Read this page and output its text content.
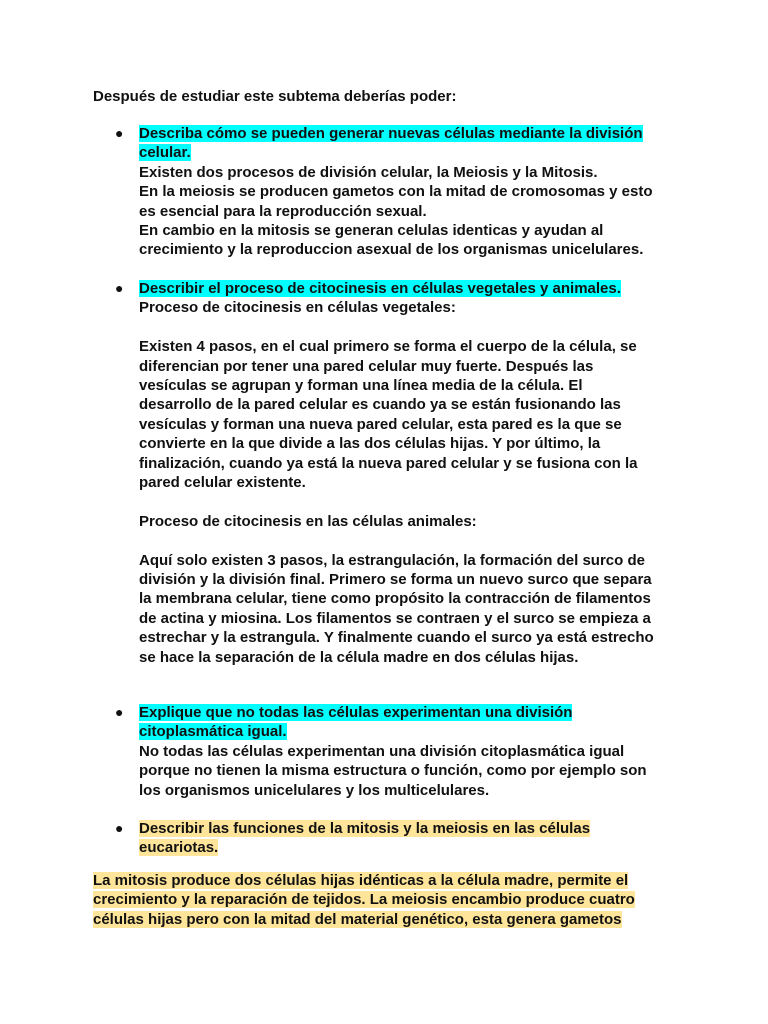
Después de estudiar este subtema deberías poder:

● Describa cómo se pueden generar nuevas células mediante la división
celular.
Existen dos procesos de división celular, la Meiosis y la Mitosis.
En la meiosis se producen gametos con la mitad de cromosomas y esto
es esencial para la reproducción sexual.
En cambio en la mitosis se generan celulas identicas y ayudan al
crecimiento y la reproduccion asexual de los organismas unicelulares.
● Describir el proceso de citocinesis en células vegetales y animales.
Proceso de citocinesis en células vegetales:
Existen 4 pasos, en el cual primero se forma el cuerpo de la célula, se
diferencian por tener una pared celular muy fuerte. Después las
vesículas se agrupan y forman una línea media de la célula. El
desarrollo de la pared celular es cuando ya se están fusionando las
vesículas y forman una nueva pared celular, esta pared es la que se
convierte en la que divide a las dos células hijas. Y por último, la
finalización, cuando ya está la nueva pared celular y se fusiona con la
pared celular existente.
Proceso de citocinesis en las células animales:
Aquí solo existen 3 pasos, la estrangulación, la formación del surco de
división y la división final. Primero se forma un nuevo surco que separa
la membrana celular, tiene como propósito la contracción de filamentos
de actina y miosina. Los filamentos se contraen y el surco se empieza a
estrechar y la estrangula. Y finalmente cuando el surco ya está estrecho
se hace la separación de la célula madre en dos células hijas.
● Explique que no todas las células experimentan una división
citoplasmática igual.
No todas las células experimentan una división citoplasmática igual
porque no tienen la misma estructura o función, como por ejemplo son
los organismos unicelulares y los multicelulares.
● Describir las funciones de la mitosis y la meiosis en las células
eucariotas.
La mitosis produce dos células hijas idénticas a la célula madre, permite el
crecimiento y la reparación de tejidos. La meiosis encambio produce cuatro
células hijas pero con la mitad del material genético, esta genera gametos
